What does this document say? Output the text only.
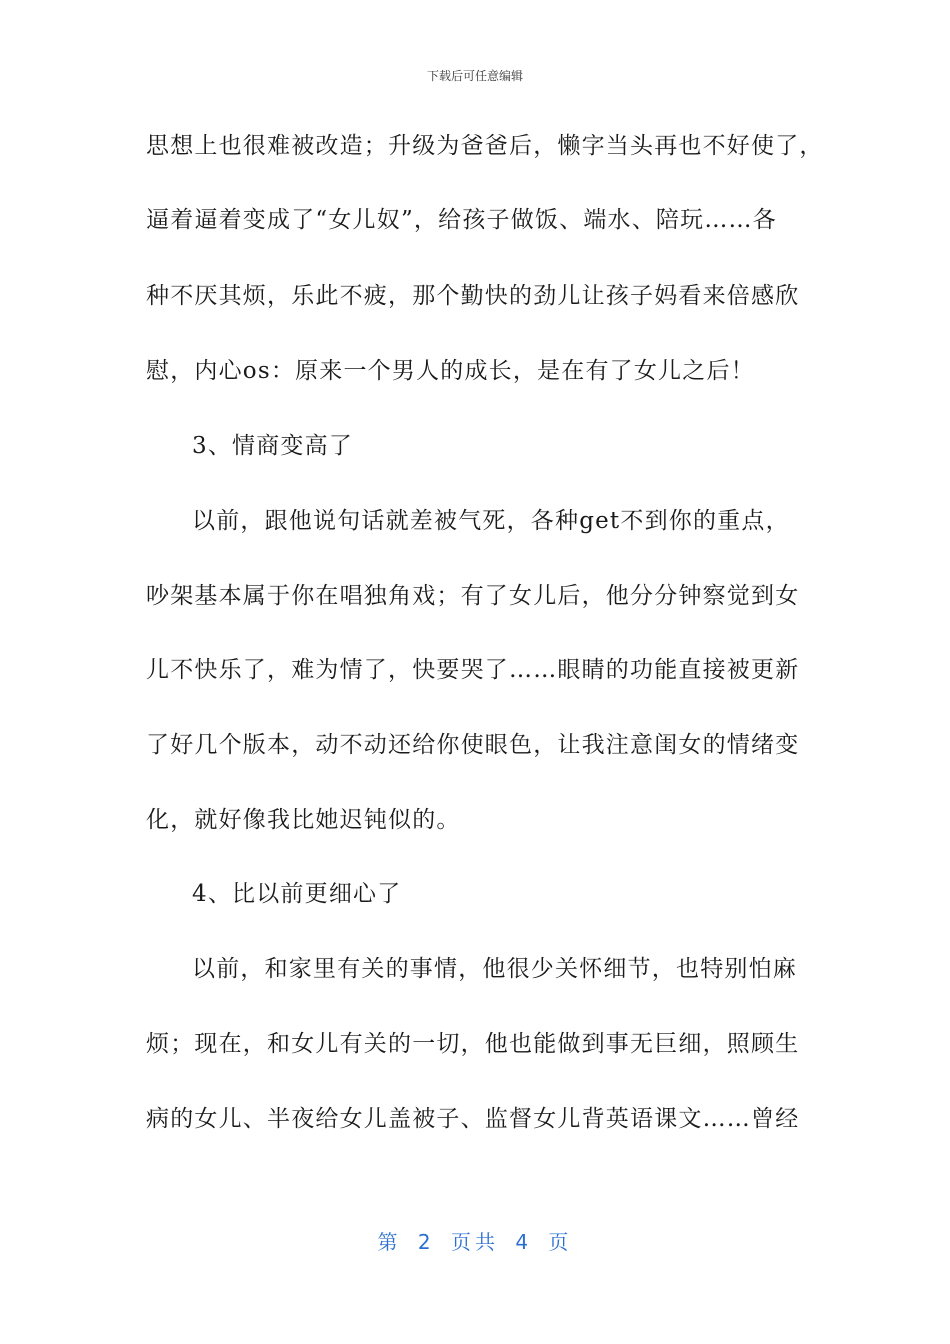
下载后可任意编辑
思想上也很难被改造；升级为爸爸后，懒字当头再也不好使了，
逼着逼着变成了“女儿奴”，给孩子做饭、端水、陪玩……各
种不厌其烦，乐此不疲，那个勤快的劲儿让孩子妈看来倍感欣
慰，内心os：原来一个男人的成长，是在有了女儿之后！
3、情商变高了
以前，跟他说句话就差被气死，各种get不到你的重点，
吵架基本属于你在唱独角戏；有了女儿后，他分分钟察觉到女
儿不快乐了，难为情了，快要哭了……眼睛的功能直接被更新
了好几个版本，动不动还给你使眼色，让我注意闺女的情绪变
化，就好像我比她迟钝似的。
4、比以前更细心了
以前，和家里有关的事情，他很少关怀细节，也特别怕麻
烦；现在，和女儿有关的一切，他也能做到事无巨细，照顾生
病的女儿、半夜给女儿盖被子、监督女儿背英语课文……曾经
第 2 页共 4 页
